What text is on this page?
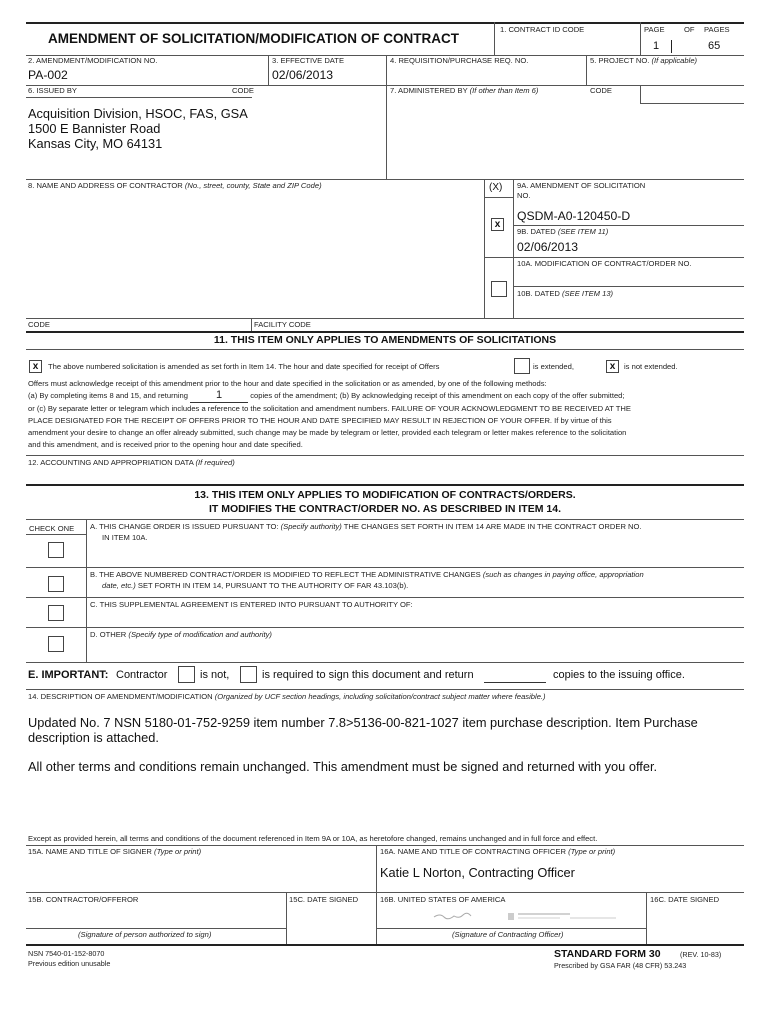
AMENDMENT OF SOLICITATION/MODIFICATION OF CONTRACT
1. CONTRACT ID CODE	PAGE	OF PAGES
1	65
2. AMENDMENT/MODIFICATION NO.
PA-002
3. EFFECTIVE DATE
02/06/2013
4. REQUISITION/PURCHASE REQ. NO.	5. PROJECT NO. (If applicable)
6. ISSUED BY	CODE	7. ADMINISTERED BY (If other than Item 6)	CODE
Acquisition Division, HSOC, FAS, GSA
1500 E Bannister Road
Kansas City, MO 64131
8. NAME AND ADDRESS OF CONTRACTOR (No., street, county, State and ZIP Code)	(X) 9A. AMENDMENT OF SOLICITATION
NO.
x
QSDM-A0-120450-D
9B. DATED (SEE ITEM 11)
02/06/2013
10A. MODIFICATION OF CONTRACT/ORDER NO.
10B. DATED (SEE ITEM 13)
CODE	FACILITY CODE
11. THIS ITEM ONLY APPLIES TO AMENDMENTS OF SOLICITATIONS
x	The above numbered solicitation is amended as set forth in Item 14. The hour and date specified for receipt of Offers	is extended,	x	is not extended.
Offers must acknowledge receipt of this amendment prior to the hour and date specified in the solicitation or as amended, by one of the following methods:
(a) By completing items 8 and 15, and returning	1	copies of the amendment; (b) By acknowledging receipt of this amendment on each copy of the offer submitted;
or (c) By separate letter or telegram which includes a reference to the solicitation and amendment numbers. FAILURE OF YOUR ACKNOWLEDGMENT TO BE RECEIVED AT THE
PLACE DESIGNATED FOR THE RECEIPT OF OFFERS PRIOR TO THE HOUR AND DATE SPECIFIED MAY RESULT IN REJECTION OF YOUR OFFER. If by virtue of this
amendment your desire to change an offer already submitted, such change may be made by telegram or letter, provided each telegram or letter makes reference to the solicitation
and this amendment, and is received prior to the opening hour and date specified.
12. ACCOUNTING AND APPROPRIATION DATA (If required)
13. THIS ITEM ONLY APPLIES TO MODIFICATION OF CONTRACTS/ORDERS.
IT MODIFIES THE CONTRACT/ORDER NO. AS DESCRIBED IN ITEM 14.
CHECK ONE A. THIS CHANGE ORDER IS ISSUED PURSUANT TO: (Specify authority) THE CHANGES SET FORTH IN ITEM 14 ARE MADE IN THE CONTRACT ORDER NO.
IN ITEM 10A.
B. THE ABOVE NUMBERED CONTRACT/ORDER IS MODIFIED TO REFLECT THE ADMINISTRATIVE CHANGES (such as changes in paying office, appropriation
date, etc.) SET FORTH IN ITEM 14, PURSUANT TO THE AUTHORITY OF FAR 43.103(b).
C. THIS SUPPLEMENTAL AGREEMENT IS ENTERED INTO PURSUANT TO AUTHORITY OF:
D. OTHER (Specify type of modification and authority)
E. IMPORTANT: Contractor	is not,	is required to sign this document and return	copies to the issuing office.
14. DESCRIPTION OF AMENDMENT/MODIFICATION (Organized by UCF section headings, including solicitation/contract subject matter where feasible.)
Updated No. 7 NSN 5180-01-752-9259 item number 7.8>5136-00-821-1027 item purchase description. Item Purchase
description is attached.
All other terms and conditions remain unchanged. This amendment must be signed and returned with you offer.
Except as provided herein, all terms and conditions of the document referenced in Item 9A or 10A, as heretofore changed, remains unchanged and in full force and effect.
15A. NAME AND TITLE OF SIGNER (Type or print)	16A. NAME AND TITLE OF CONTRACTING OFFICER (Type or print)
Katie L Norton, Contracting Officer
15B. CONTRACTOR/OFFEROR	15C. DATE SIGNED	16B. UNITED STATES OF AMERICA	16C. DATE SIGNED
(Signature of person authorized to sign)	(Signature of Contracting Officer)
NSN 7540-01-152-8070
Previous edition unusable
STANDARD FORM 30	(REV. 10-83)
Prescribed by GSA FAR (48 CFR) 53.243
